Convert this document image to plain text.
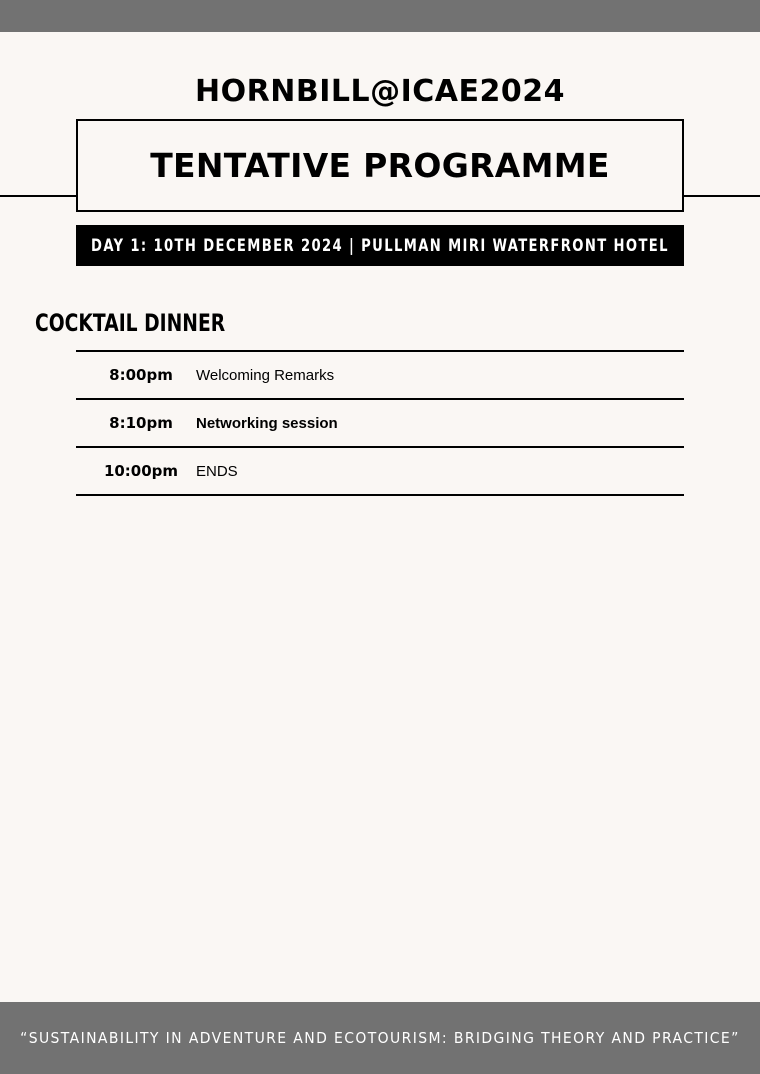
HORNBILL@ICAE2024
TENTATIVE PROGRAMME
DAY 1: 10TH DECEMBER 2024 | PULLMAN MIRI WATERFRONT HOTEL
COCKTAIL DINNER
8:00pm	Welcoming Remarks
8:10pm	Networking session
10:00pm	ENDS
“SUSTAINABILITY IN ADVENTURE AND ECOTOURISM: BRIDGING THEORY AND PRACTICE”
